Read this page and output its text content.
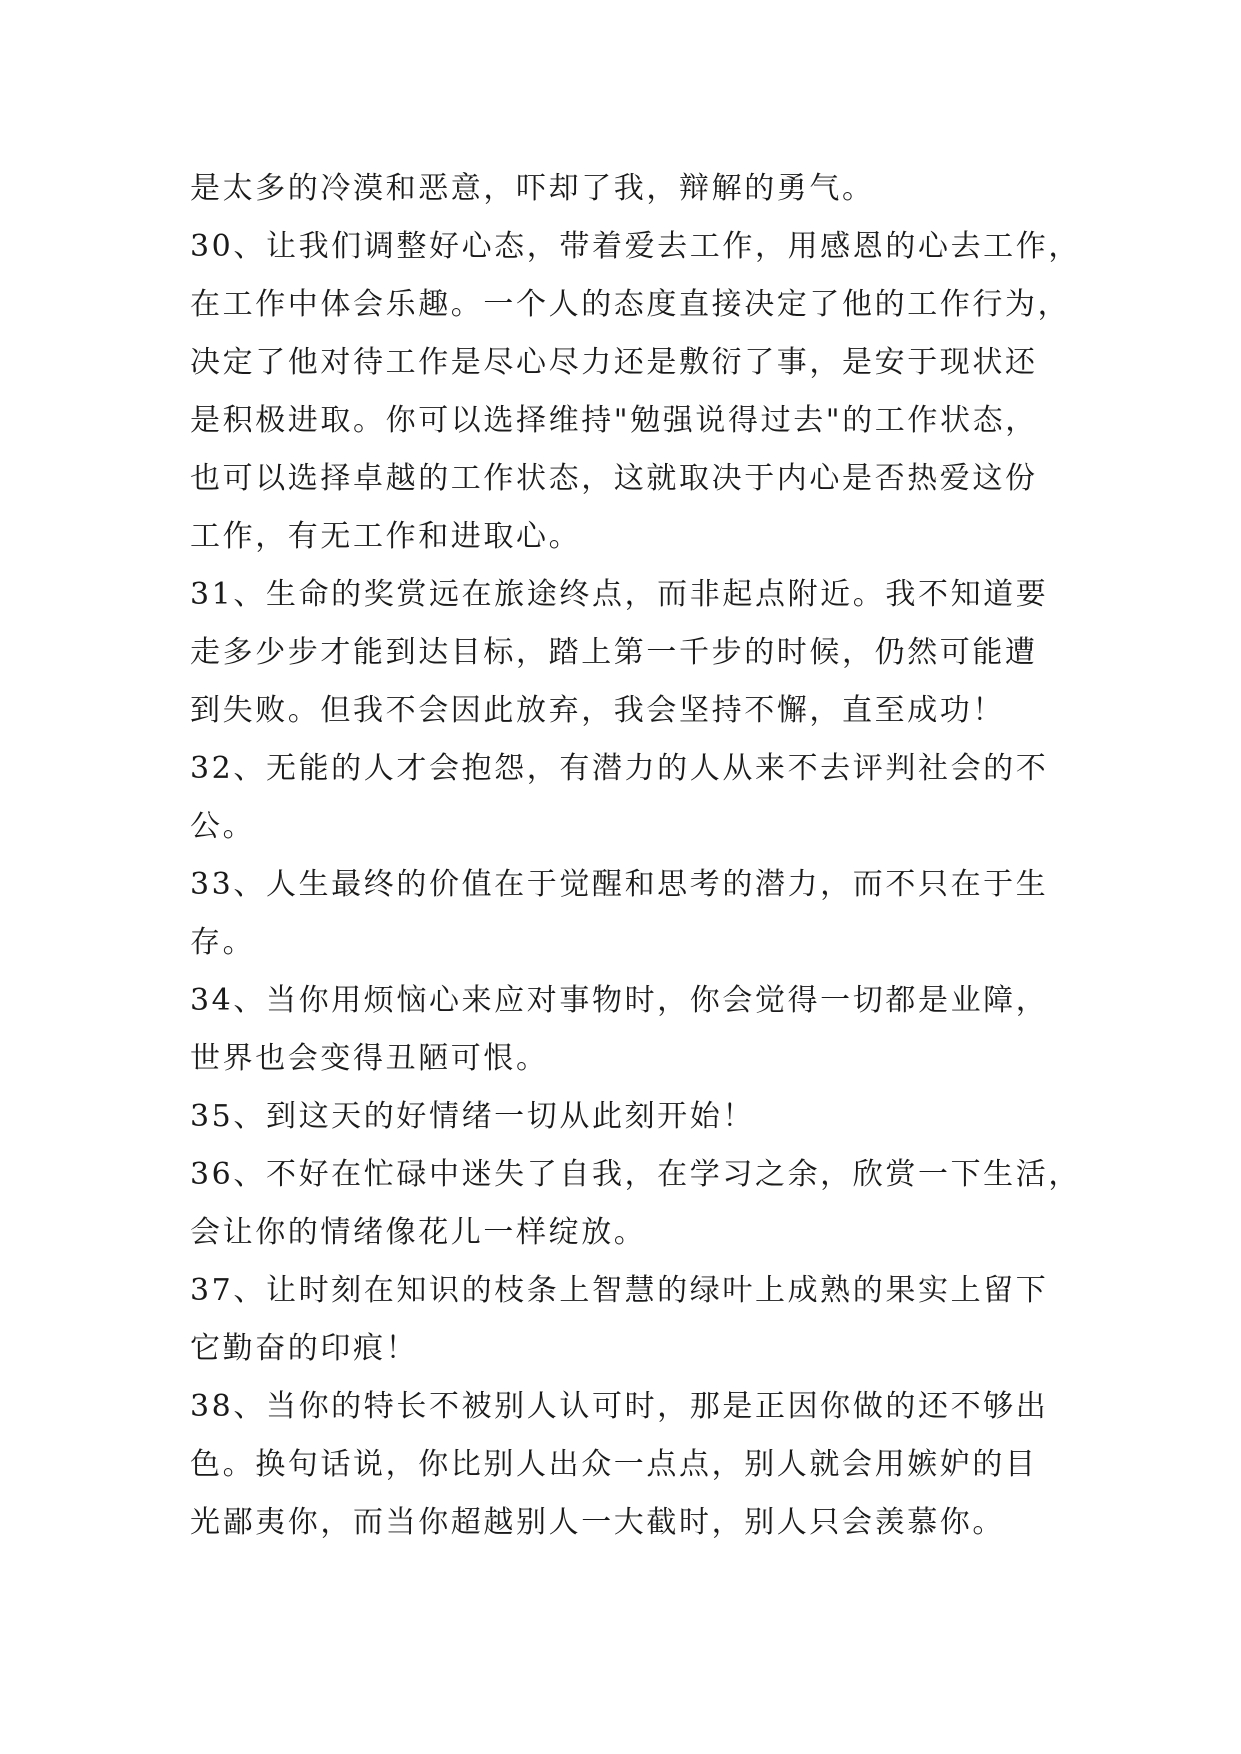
是太多的冷漠和恶意，吓却了我，辩解的勇气。
30、让我们调整好心态，带着爱去工作，用感恩的心去工作，
在工作中体会乐趣。一个人的态度直接决定了他的工作行为，
决定了他对待工作是尽心尽力还是敷衍了事，是安于现状还
是积极进取。你可以选择维持"勉强说得过去"的工作状态，
也可以选择卓越的工作状态，这就取决于内心是否热爱这份
工作，有无工作和进取心。
31、生命的奖赏远在旅途终点，而非起点附近。我不知道要
走多少步才能到达目标，踏上第一千步的时候，仍然可能遭
到失败。但我不会因此放弃，我会坚持不懈，直至成功！
32、无能的人才会抱怨，有潜力的人从来不去评判社会的不
公。
33、人生最终的价值在于觉醒和思考的潜力，而不只在于生
存。
34、当你用烦恼心来应对事物时，你会觉得一切都是业障，
世界也会变得丑陋可恨。
35、到这天的好情绪一切从此刻开始！
36、不好在忙碌中迷失了自我，在学习之余，欣赏一下生活，
会让你的情绪像花儿一样绽放。
37、让时刻在知识的枝条上智慧的绿叶上成熟的果实上留下
它勤奋的印痕！
38、当你的特长不被别人认可时，那是正因你做的还不够出
色。换句话说，你比别人出众一点点，别人就会用嫉妒的目
光鄙夷你，而当你超越别人一大截时，别人只会羡慕你。
